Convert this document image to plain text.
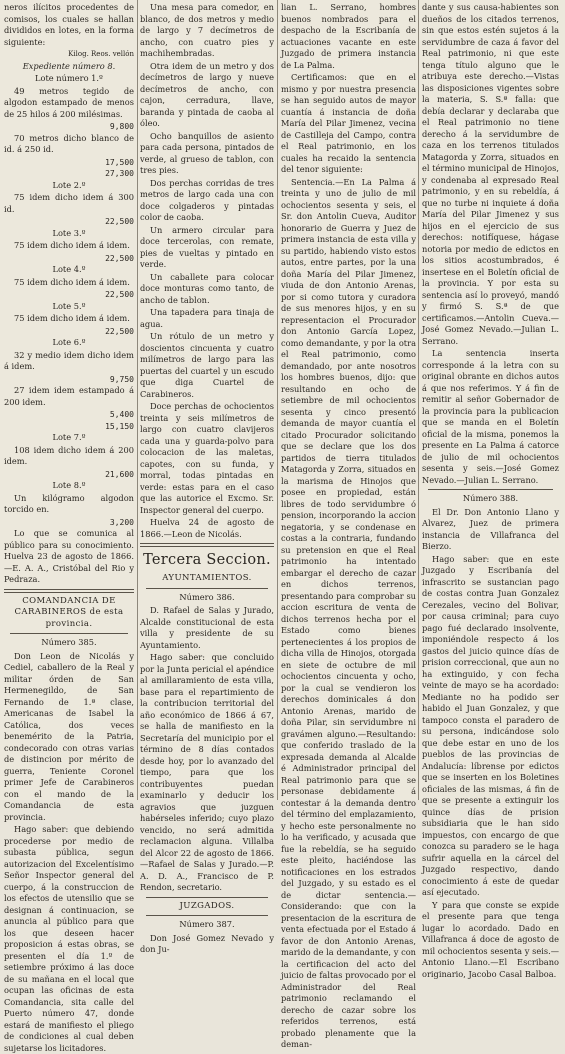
neros ilícitos procedentes de comisos, los cuales se hallan divididos en lotes, en la forma siguiente:

Kilog. Reos. vellón

Expediente número 8.

Lote número 1.º

49 metros tegido de algodon estampado de menos de 25 hilos á 200 milésimas.

9,800

70 metros dicho blanco de id. á 250 id.

17,500
27,300

Lote 2.º

75 idem dicho idem á 300 id.

22,500

Lote 3.º

75 idem dicho idem á idem.

22,500

Lote 4.º

75 idem dicho idem á idem.

22,500

Lote 5.º

75 idem dicho idem á idem.

22,500

Lote 6.º

32 y medio idem dicho idem á idem.

9,750

27 idem idem estampado á 200 idem.

5,400
15,150

Lote 7.º

108 idem dicho idem á 200 idem.

21,600

Lote 8.º

Un kilógramo algodon torcido en.

3,200

Lo que se comunica al público para su conocimiento. Huelva 23 de agosto de 1866.—E. A. A., Cristóbal del Rio y Pedraza.

COMANDANCIA DE CARABINEROS de esta provincia.

Número 385.

Don Leon de Nicolás y Cediel, caballero de la Real y militar órden de San Hermenegildo, de San Fernando de 1.ª clase, Americanas de Isabel la Católica, dos veces benemérito de la Patria, condecorado con otras varias de distincion por mérito de guerra, Teniente Coronel primer Jefe de Carabineros con el mando de la Comandancia de esta provincia.

Hago saber: que debiendo procederse por medio de subasta pública, segun autorizacion del Excelentísimo Señor Inspector general del cuerpo, á la construccion de los efectos de utensilio que se designan á continuacion, se anuncia al público para que los que deseen hacer proposicion á estas obras, se presenten el día 1.º de setiembre próximo á las doce de su mañana en el local que ocupan las oficinas de esta Comandancia, sita calle del Puerto número 47, donde estará de manifiesto el pliego de condiciones al cual deben sujetarse los licitadores.

Una mesa para comedor, en blanco, de dos metros y medio de largo y 7 decímetros de ancho, con cuatro pies y machihembradas.

Otra idem de un metro y dos decímetros de largo y nueve decímetros de ancho, con cajon, cerradura, llave, baranda y pintada de caoba al óleo.

Ocho banquillos de asiento para cada persona, pintados de verde, al grueso de tablon, con tres pies.

Dos perchas corridas de tres metros de largo cada una con doce colgaderos y pintadas color de caoba.

Un armero circular para doce tercerolas, con remate, pies de vueltas y pintado en verde.

Un caballete para colocar doce monturas como tanto, de ancho de tablon.

Una tapadera para tinaja de agua.

Un rótulo de un metro y doscientos cincuenta y cuatro milímetros de largo para las puertas del cuartel y un escudo que diga Cuartel de Carabineros.

Doce perchas de ochocientos treinta y seis milímetros de largo con cuatro clavijeros cada una y guarda-polvo para colocacion de las maletas, capotes, con su funda, y morral, todas pintadas en verde: estas para en el caso que las autorice el Excmo. Sr. Inspector general del cuerpo.

Huelva 24 de agosto de 1866.—Leon de Nicolás.

Tercera Seccion.

AYUNTAMIENTOS.

Número 386.

D. Rafael de Salas y Jurado, Alcalde constitucional de esta villa y presidente de su Ayuntamiento.

Hago saber: que concluido por la Junta pericial el apéndice al amillaramiento de esta villa, base para el repartimiento de la contribucion territorial del año económico de 1866 á 67, se halla de manifiesto en la Secretaría del municipio por el término de 8 días contados desde hoy, por lo avanzado del tiempo, para que los contribuyentes puedan examinarlo y deducir los agravios que juzguen habérseles inferido; cuyo plazo vencido, no será admitida reclamacion alguna. Villalba del Alcor 22 de agosto de 1866.—Rafael de Salas y Jurado.—P. A. D. A., Francisco de P. Rendon, secretario.

JUZGADOS.

Número 387.

Don José Gomez Nevado y don Ju-

lian L. Serrano, hombres buenos nombrados para el despacho de la Escribanía de actuaciones vacante en este Juzgado de primera instancia de La Palma.

Certificamos: que en el mismo y por nuestra presencia se han seguido autos de mayor cuantía á instancia de doña María del Pilar Jimenez, vecina de Castilleja del Campo, contra el Real patrimonio, en los cuales ha recaido la sentencia del tenor siguiente:

Sentencia.—En La Palma á treinta y uno de julio de mil ochocientos sesenta y seis, el Sr. don Antolin Cueva, Auditor honorario de Guerra y Juez de primera instancia de esta villa y su partido, habiendo visto estos autos, entre partes, por la una doña María del Pilar Jimenez, viuda de don Antonio Arenas, por si como tutora y curadora de sus menores hijos, y en su representacion el Procurador don Antonio García Lopez, como demandante, y por la otra el Real patrimonio, como demandado, por ante nosotros los hombres buenos, dijo: que resultando en ocho de setiembre de mil ochocientos sesenta y cinco presentó demanda de mayor cuantía el citado Procurador solicitando que se declare que los dos partidos de tierra titulados Matagorda y Zorra, situados en la marisma de Hinojos que posee en propiedad, están libres de todo servidumbre ó pension, incorporando la accion negatoria, y se condenase en costas a la contraria, fundando su pretension en que el Real patrimonio ha intentado embargar el derecho de cazar en dichos terrenos, presentando para comprobar su accion escritura de venta de dichos terrenos hecha por el Estado como bienes pertenecientes á los propios de dicha villa de Hinojos, otorgada en siete de octubre de mil ochocientos cincuenta y ocho, por la cual se vendieron los derechos dominicales á don Antonio Arenas, marido de doña Pilar, sin servidumbre ni gravámen alguno.—Resultando: que conferido traslado de la expresada demanda al Alcalde é Administrador principal del Real patrimonio para que se personase debidamente á contestar á la demanda dentro del término del emplazamiento, y hecho este personalmente no lo ha verificado, y acusada que fue la rebeldía, se ha seguido este pleito, haciéndose las notificaciones en los estrados del Juzgado, y su estado es el de dictar sentencia.—Considerando: que con la presentacion de la escritura de venta efectuada por el Estado á favor de don Antonio Arenas, marido de la demandante, y con la certificacion del acto del juicio de faltas provocado por el Administrador del Real patrimonio reclamando el derecho de cazar sobre los referidos terrenos, está probado plenamente que la deman-

dante y sus causa-habientes son dueños de los citados terrenos, sin que estos estén sujetos á la servidumbre de caza á favor del Real patrimonio, ni que este tenga título alguno que le atribuya este derecho.—Vistas las disposiciones vigentes sobre la materia, S. S.ª falla: que debía declarar y declaraba que el Real patrimonio no tiene derecho á la servidumbre de caza en los terrenos titulados Matagorda y Zorra, situados en el término municipal de Hinojos, y condenaba al expresado Real patrimonio, y en su rebeldía, á que no turbe ni inquiete á doña María del Pilar Jimenez y sus hijos en el ejercicio de sus derechos: notifíquese, hágase notoria por medio de edictos en los sitios acostumbrados, é insertese en el Boletín oficial de la provincia. Y por esta su sentencia así lo proveyó, mandó y firmó S. S.ª de que certificamos.—Antolin Cueva.—José Gomez Nevado.—Julian L. Serrano.

La sentencia inserta corresponde á la letra con su original obrante en dichos autos á que nos referimos. Y á fin de remitir al señor Gobernador de la provincia para la publicacion que se manda en el Boletín oficial de la misma, ponemos la presente en La Palma á catorce de julio de mil ochocientos sesenta y seis.—José Gomez Nevado.—Julian L. Serrano.

Número 388.

El Dr. Don Antonio Llano y Alvarez, Juez de primera instancia de Villafranca del Bierzo.

Hago saber: que en este Juzgado y Escribanía del infrascrito se sustancian pago de costas contra Juan Gonzalez Cerezales, vecino del Bolivar, por causa criminal; para cuyo pago fué declarado insolvente, imponiéndole respecto á los gastos del juicio quince días de prision correccional, que aun no ha extinguido, y con fecha veinte de mayo se ha acordado: Mediante no ha podido ser habido el Juan Gonzalez, y que tampoco consta el paradero de su persona, indicándose solo que debe estar en uno de los pueblos de las provincias de Andalucía: líbrense por edictos que se inserten en los Boletines oficiales de las mismas, á fin de que se presente a extinguir los quince días de prision subsidiaria que le han sido impuestos, con encargo de que conozca su paradero se le haga sufrir aquella en la cárcel del Juzgado respectivo, dando conocimiento á este de quedar así ejecutado.

Y para que conste se expide el presente para que tenga lugar lo acordado. Dado en Villafranca á doce de agosto de mil ochocientos sesenta y seis.—Antonio Llano.—El Escribano originario, Jacobo Casal Balboa.
